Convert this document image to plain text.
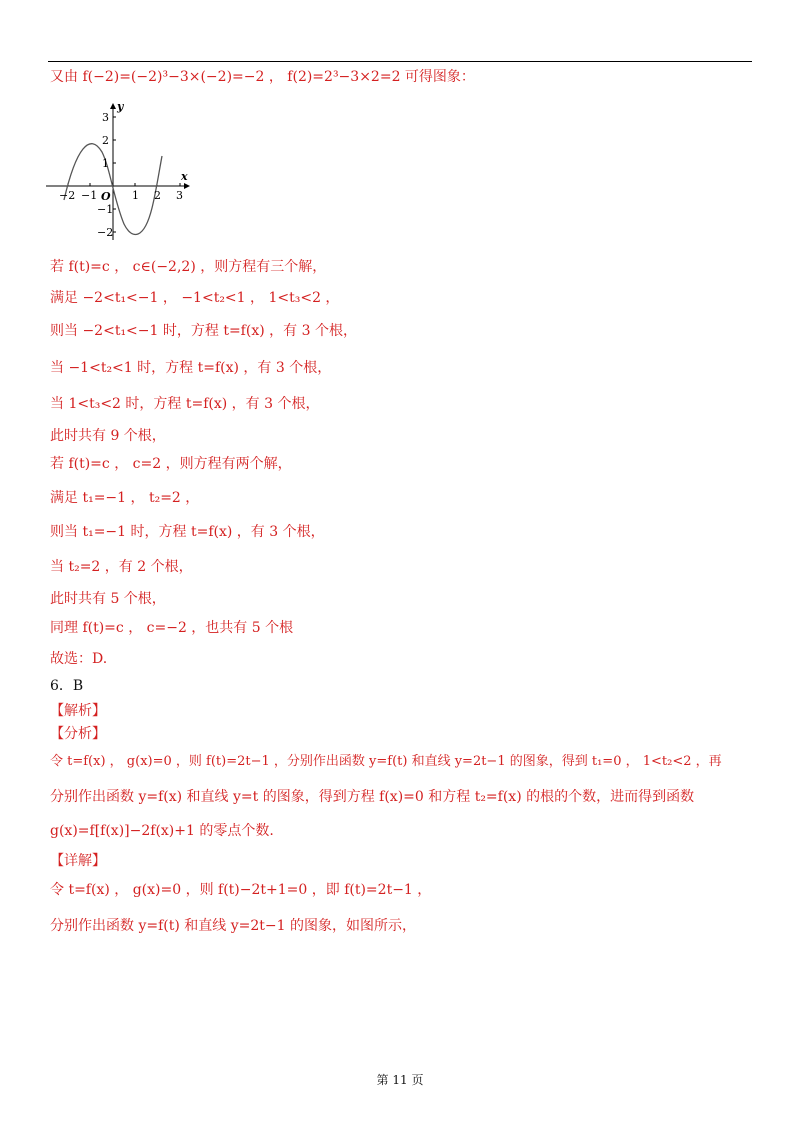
又由 f(−2)=(−2)³−3×(−2)=−2 ， f(2)=2³−3×2=2 可得图象：
y
x
O
3
2
1
−1
−2
−2 −1	1 2 3
若 f(t)=c ， c∈(−2,2) ，则方程有三个解，
满足 −2<t₁<−1 ， −1<t₂<1 ， 1<t₃<2 ，
则当 −2<t₁<−1 时，方程 t=f(x) ，有 3 个根，
当 −1<t₂<1 时，方程 t=f(x) ，有 3 个根，
当 1<t₃<2 时，方程 t=f(x) ，有 3 个根，
此时共有 9 个根，
若 f(t)=c ， c=2 ，则方程有两个解，
满足 t₁=−1 ， t₂=2 ，
则当 t₁=−1 时，方程 t=f(x) ，有 3 个根，
当 t₂=2 ，有 2 个根，
此时共有 5 个根，
同理 f(t)=c ， c=−2 ，也共有 5 个根
故选：D.
6．B
【解析】
【分析】
令 t=f(x) ， g(x)=0 ，则 f(t)=2t−1 ，分别作出函数 y=f(t) 和直线 y=2t−1 的图象，得到 t₁=0 ， 1<t₂<2 ，再
分别作出函数 y=f(x) 和直线 y=t 的图象，得到方程 f(x)=0 和方程 t₂=f(x) 的根的个数，进而得到函数
g(x)=f[f(x)]−2f(x)+1 的零点个数.
【详解】
令 t=f(x) ， g(x)=0 ，则 f(t)−2t+1=0 ，即 f(t)=2t−1 ，
分别作出函数 y=f(t) 和直线 y=2t−1 的图象，如图所示，
第 11 页
